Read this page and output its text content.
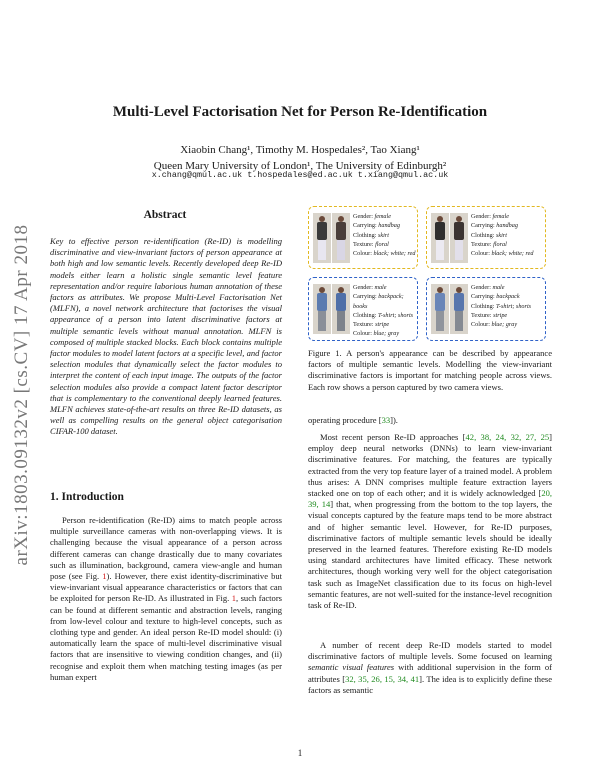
arXiv:1803.09132v2 [cs.CV] 17 Apr 2018
Multi-Level Factorisation Net for Person Re-Identification
Xiaobin Chang¹, Timothy M. Hospedales², Tao Xiang¹
Queen Mary University of London¹, The University of Edinburgh²
x.chang@qmul.ac.uk t.hospedales@ed.ac.uk t.xiang@qmul.ac.uk
Abstract

Key to effective person re-identification (Re-ID) is modelling discriminative and view-invariant factors of person appearance at both high and low semantic levels. Recently developed deep Re-ID models either learn a holistic single semantic level feature representation and/or require laborious human annotation of these factors as attributes. We propose Multi-Level Factorisation Net (MLFN), a novel network architecture that factorises the visual appearance of a person into latent discriminative factors at multiple semantic levels without manual annotation. MLFN is composed of multiple stacked blocks. Each block contains multiple factor modules to model latent factors at a specific level, and factor selection modules that dynamically select the factor modules to interpret the content of each input image. The outputs of the factor selection modules also provide a compact latent factor descriptor that is complementary to the conventional deeply learned features. MLFN achieves state-of-the-art results on three Re-ID datasets, as well as compelling results on the general object categorisation CIFAR-100 dataset.

1. Introduction

Person re-identification (Re-ID) aims to match people across multiple surveillance cameras with non-overlapping views. It is challenging because the visual appearance of a person across different cameras can change drastically due to many covariates such as illumination, background, camera view-angle and human pose (see Fig. 1). However, there exist identity-discriminative but view-invariant visual appearance characteristics or factors that can be exploited for person Re-ID. As illustrated in Fig. 1, such factors can be found at different semantic and abstraction levels, ranging from low-level colour and texture to high-level concepts, such as clothing type and gender. An ideal person Re-ID model should: (i) automatically learn the space of multi-level discriminative visual factors that are insensitive to viewing condition changes, and (ii) recognise and exploit them when matching testing images (as per human expert

Gender: female
Carrying: handbag
Clothing: skirt
Texture: floral
Colour: black; white; red
Gender: female
Carrying: handbag
Clothing: skirt
Texture: floral
Colour: black; white; red
Gender: male
Carrying: backpack; books
Clothing: T-shirt; shorts
Texture: stripe
Colour: blue; gray
Gender: male
Carrying: backpack
Clothing: T-shirt; shorts
Texture: stripe
Colour: blue; gray

Figure 1. A person's appearance can be described by appearance factors of multiple semantic levels. Modelling the view-invariant discriminative factors is important for matching people across views. Each row shows a person captured by two camera views.

operating procedure [33]).

Most recent person Re-ID approaches [42, 38, 24, 32, 27, 25] employ deep neural networks (DNNs) to learn view-invariant discriminative features. For matching, the features are typically extracted from the very top feature layer of a trained model. A problem thus arises: A DNN comprises multiple feature extraction layers stacked one on top of each other; and it is widely acknowledged [20, 39, 14] that, when progressing from the bottom to the top layers, the visual concepts captured by the feature maps tend to be more abstract and of higher semantic level. However, for Re-ID purposes, discriminative factors of multiple semantic levels should be ideally preserved in the learned features. Therefore existing Re-ID models using standard architectures have limited efficacy. These network architectures, though working very well for the object categorisation task such as ImageNet classification due to its focus on high-level semantic features, are not well-suited for the instance-level recognition task of Re-ID.

A number of recent deep Re-ID models started to model discriminative factors of multiple levels. Some focused on learning semantic visual features with additional supervision in the form of attributes [32, 35, 26, 15, 34, 41]. The idea is to explicitly define these factors as semantic

1
